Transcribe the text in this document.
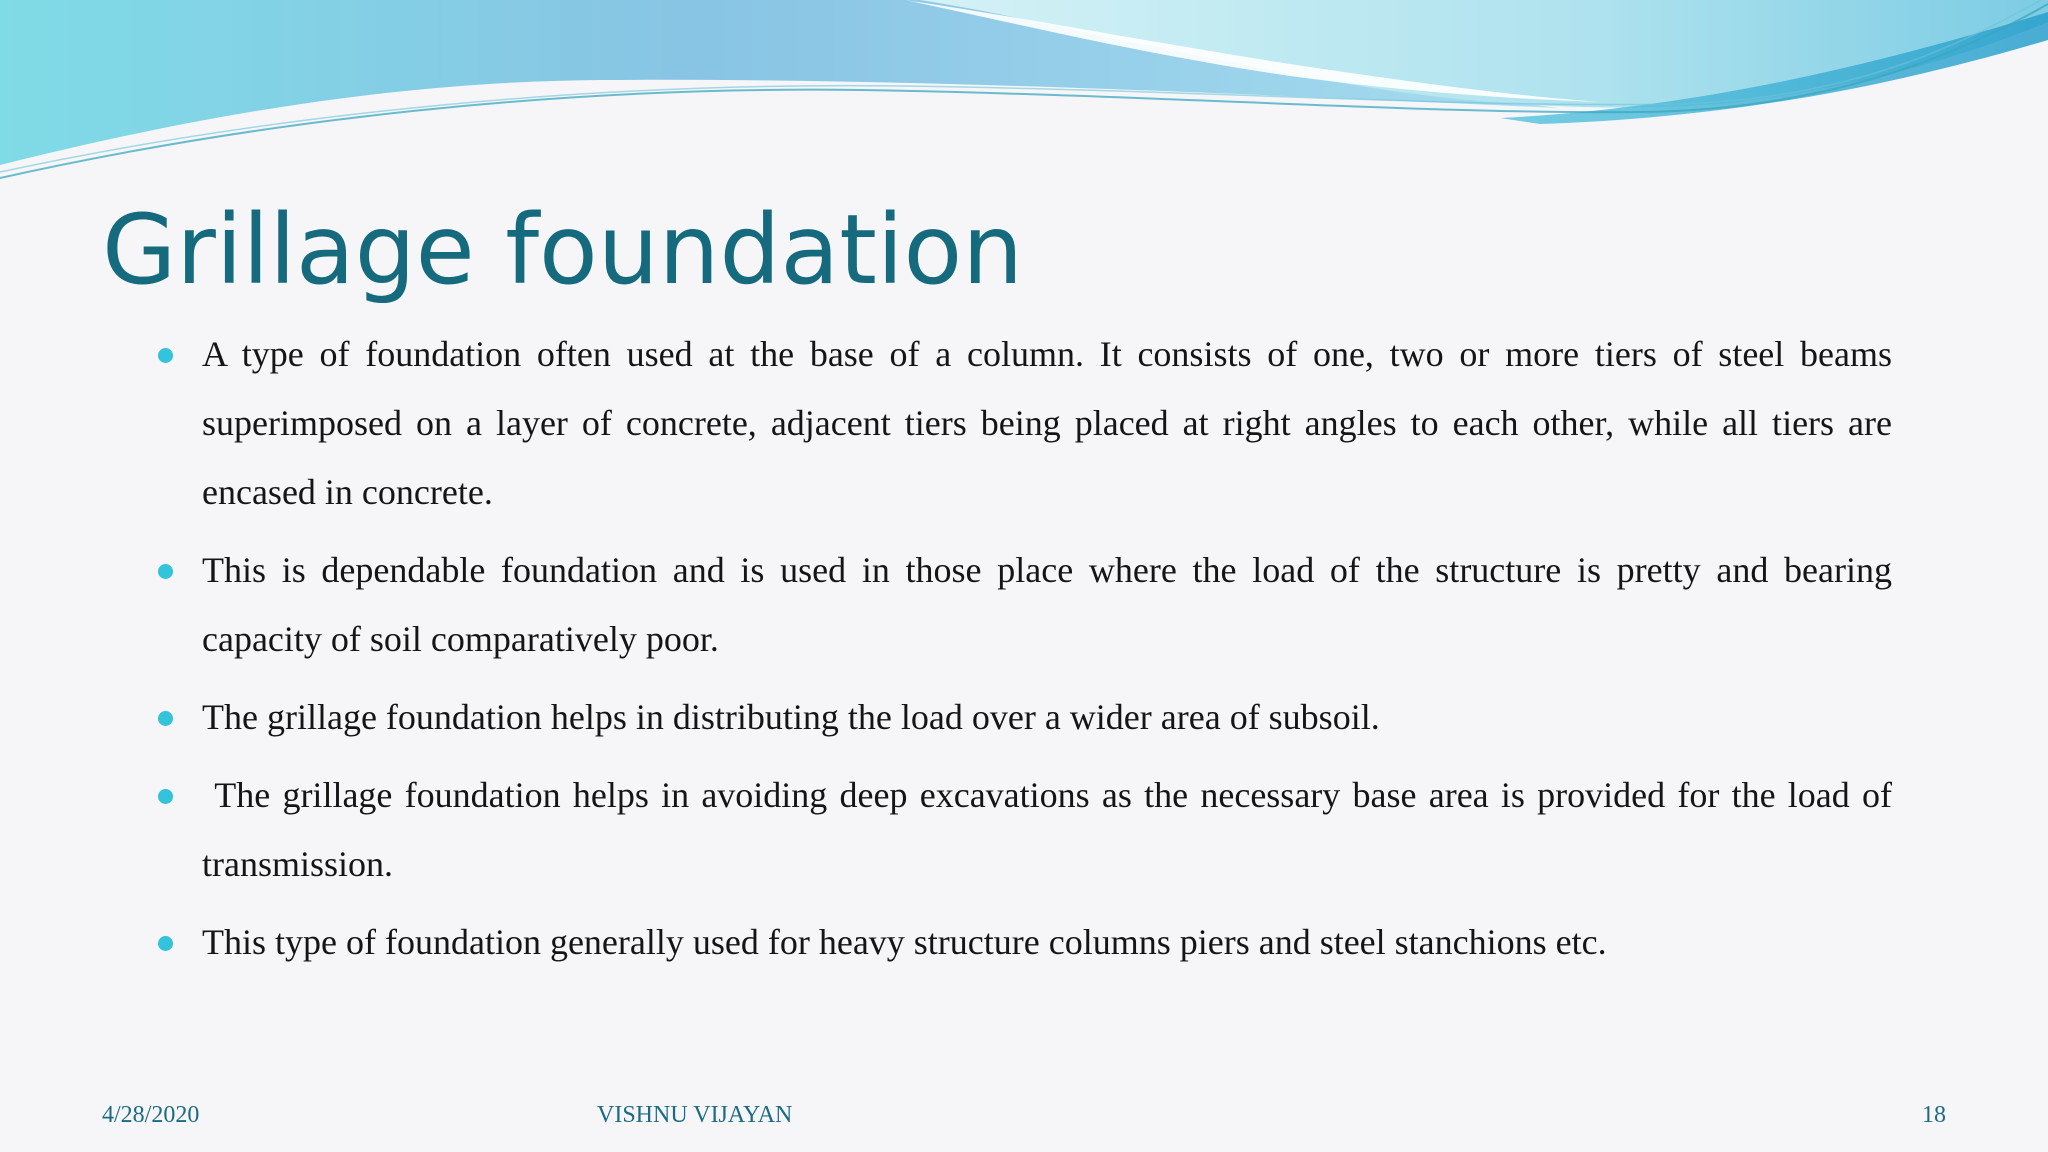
Grillage foundation
A type of foundation often used at the base of a column. It consists of one, two or more tiers of steel beams superimposed on a layer of concrete, adjacent tiers being placed at right angles to each other, while all tiers are encased in concrete.
This is dependable foundation and is used in those place where the load of the structure is pretty and bearing capacity of soil comparatively poor.
The grillage foundation helps in distributing the load over a wider area of subsoil.
The grillage foundation helps in avoiding deep excavations as the necessary base area is provided for the load of transmission.
This type of foundation generally used for heavy structure columns piers and steel stanchions etc.
4/28/2020	VISHNU VIJAYAN	18
